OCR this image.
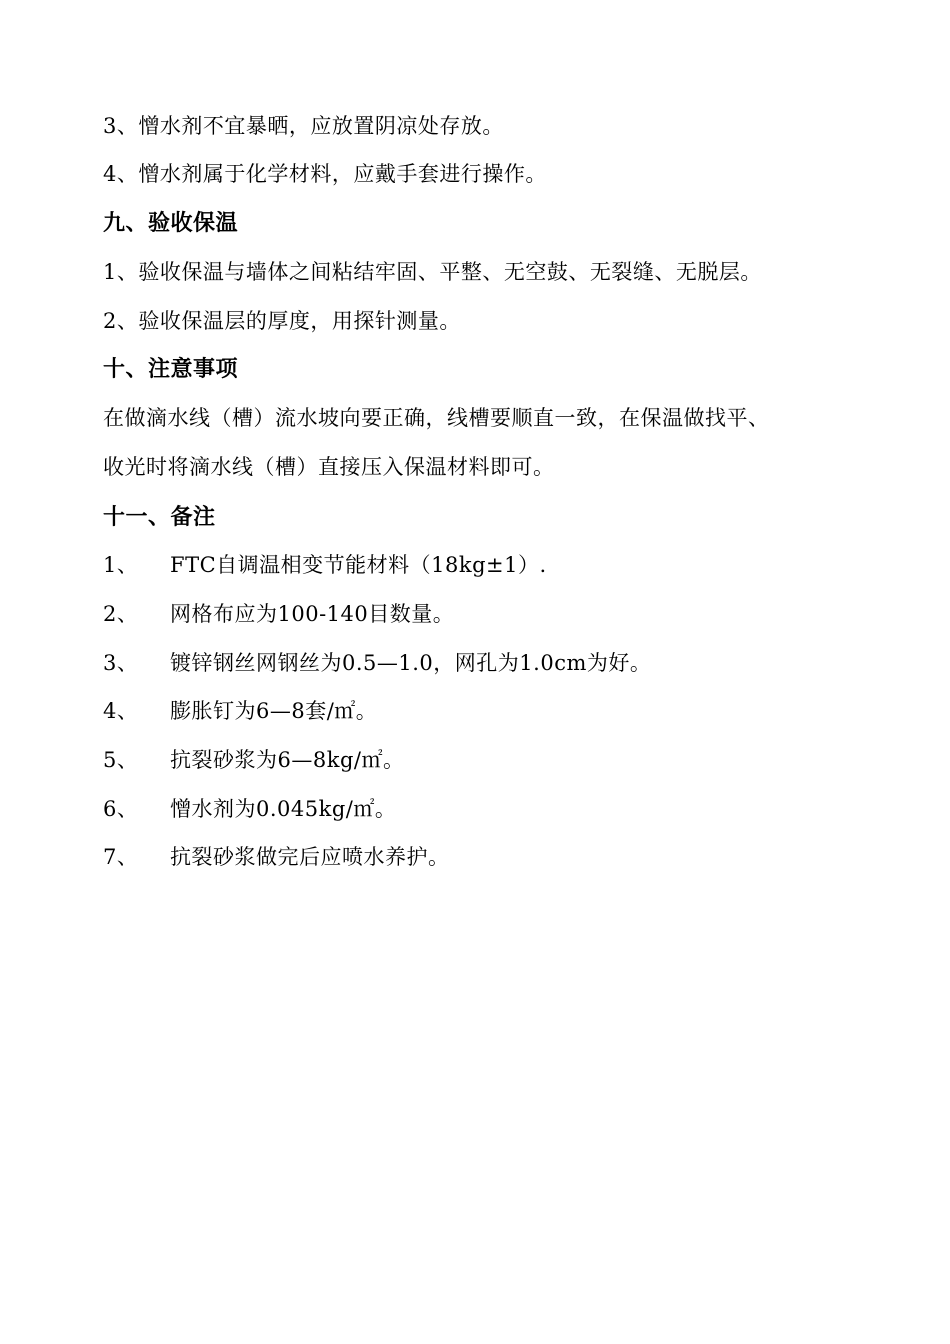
3、憎水剂不宜暴晒，应放置阴凉处存放。
4、憎水剂属于化学材料，应戴手套进行操作。
九、验收保温
1、验收保温与墙体之间粘结牢固、平整、无空鼓、无裂缝、无脱层。
2、验收保温层的厚度，用探针测量。
十、注意事项
在做滴水线（槽）流水坡向要正确，线槽要顺直一致，在保温做找平、
收光时将滴水线（槽）直接压入保温材料即可。
十一、备注
1、 FTC自调温相变节能材料（18kg±1）.
2、 网格布应为100-140目数量。
3、 镀锌钢丝网钢丝为0.5—1.0，网孔为1.0cm为好。
4、 膨胀钉为6—8套/㎡。
5、 抗裂砂浆为6—8kg/㎡。
6、 憎水剂为0.045kg/㎡。
7、 抗裂砂浆做完后应喷水养护。
